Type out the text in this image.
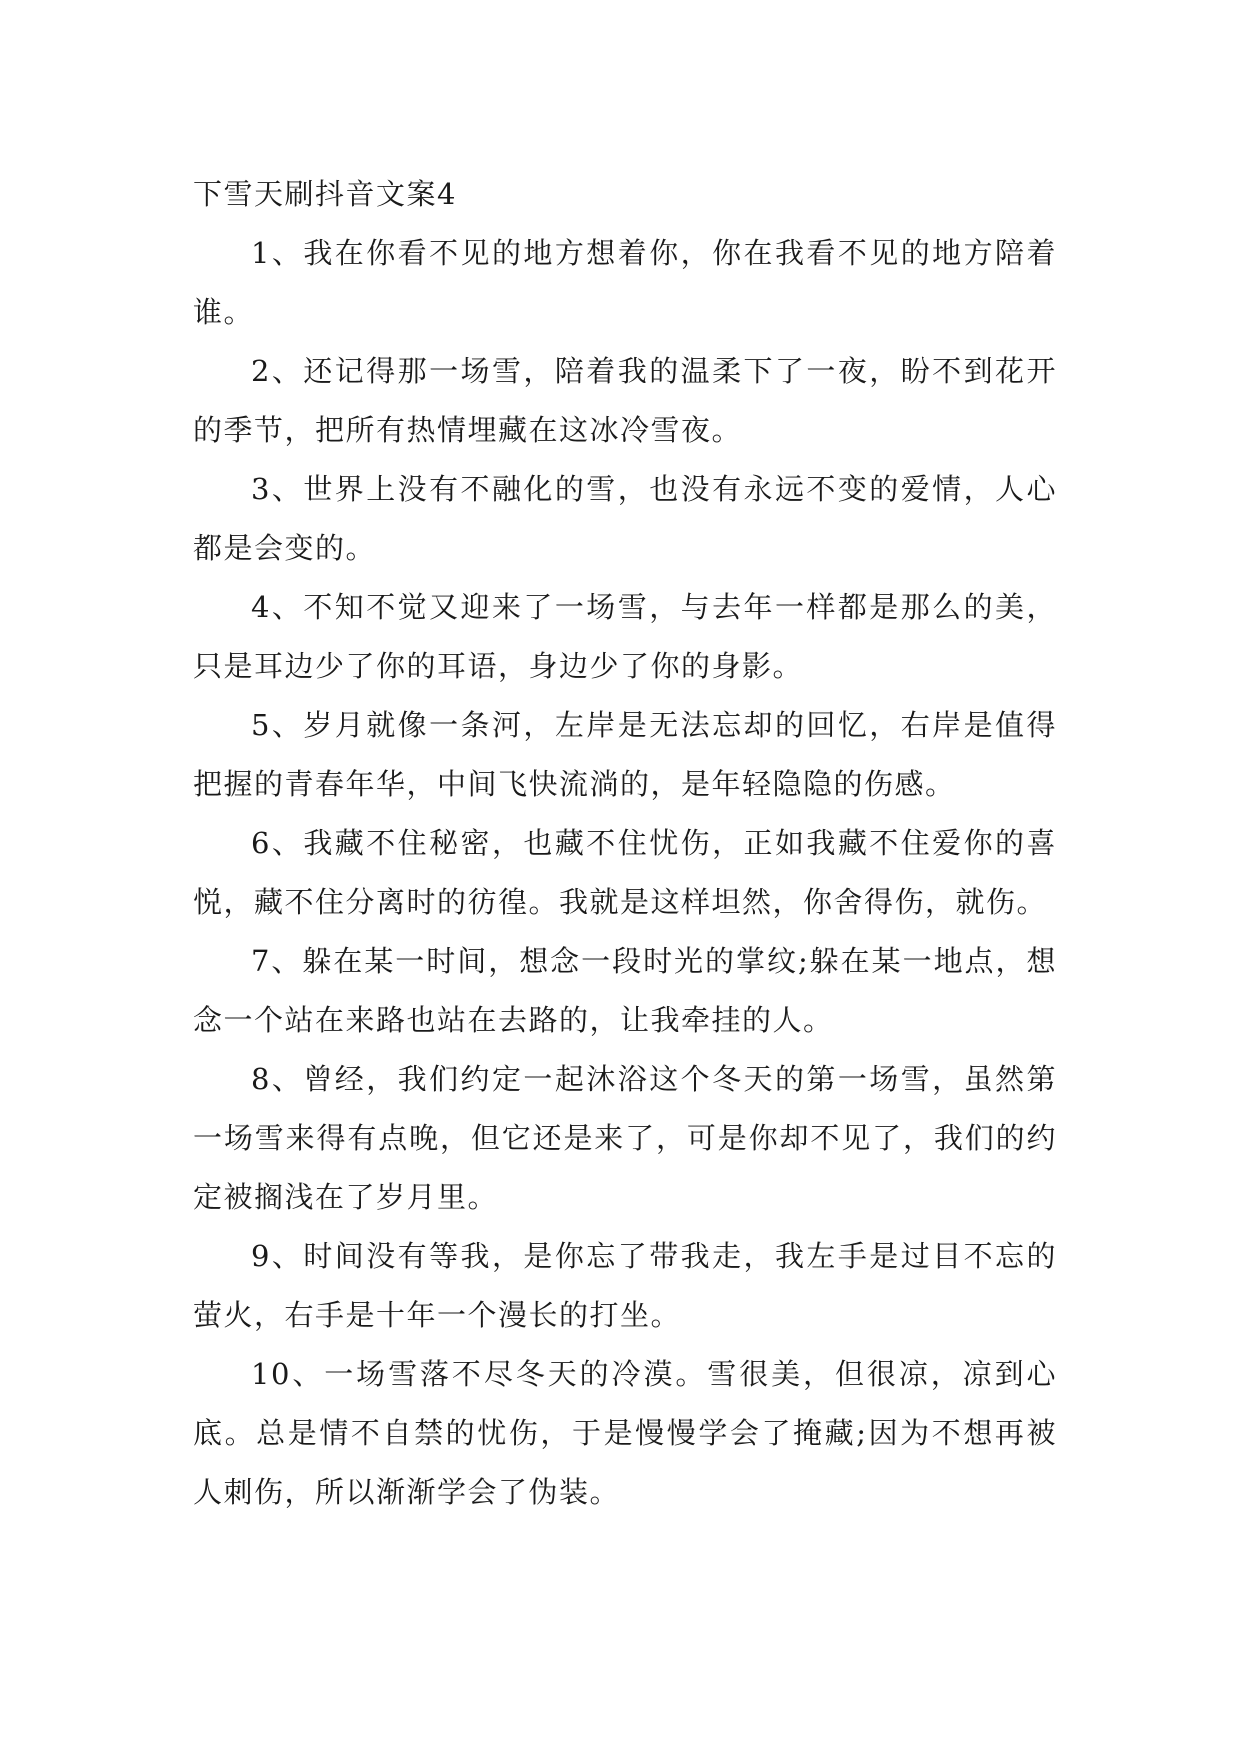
下雪天刷抖音文案4

1、我在你看不见的地方想着你，你在我看不见的地方陪着谁。

2、还记得那一场雪，陪着我的温柔下了一夜，盼不到花开的季节，把所有热情埋藏在这冰冷雪夜。

3、世界上没有不融化的雪，也没有永远不变的爱情，人心都是会变的。

4、不知不觉又迎来了一场雪，与去年一样都是那么的美，只是耳边少了你的耳语，身边少了你的身影。

5、岁月就像一条河，左岸是无法忘却的回忆，右岸是值得把握的青春年华，中间飞快流淌的，是年轻隐隐的伤感。

6、我藏不住秘密，也藏不住忧伤，正如我藏不住爱你的喜悦，藏不住分离时的彷徨。我就是这样坦然，你舍得伤，就伤。

7、躲在某一时间，想念一段时光的掌纹;躲在某一地点，想念一个站在来路也站在去路的，让我牵挂的人。

8、曾经，我们约定一起沐浴这个冬天的第一场雪，虽然第一场雪来得有点晚，但它还是来了，可是你却不见了，我们的约定被搁浅在了岁月里。

9、时间没有等我，是你忘了带我走，我左手是过目不忘的萤火，右手是十年一个漫长的打坐。

10、一场雪落不尽冬天的冷漠。雪很美，但很凉，凉到心底。总是情不自禁的忧伤，于是慢慢学会了掩藏;因为不想再被人刺伤，所以渐渐学会了伪装。
